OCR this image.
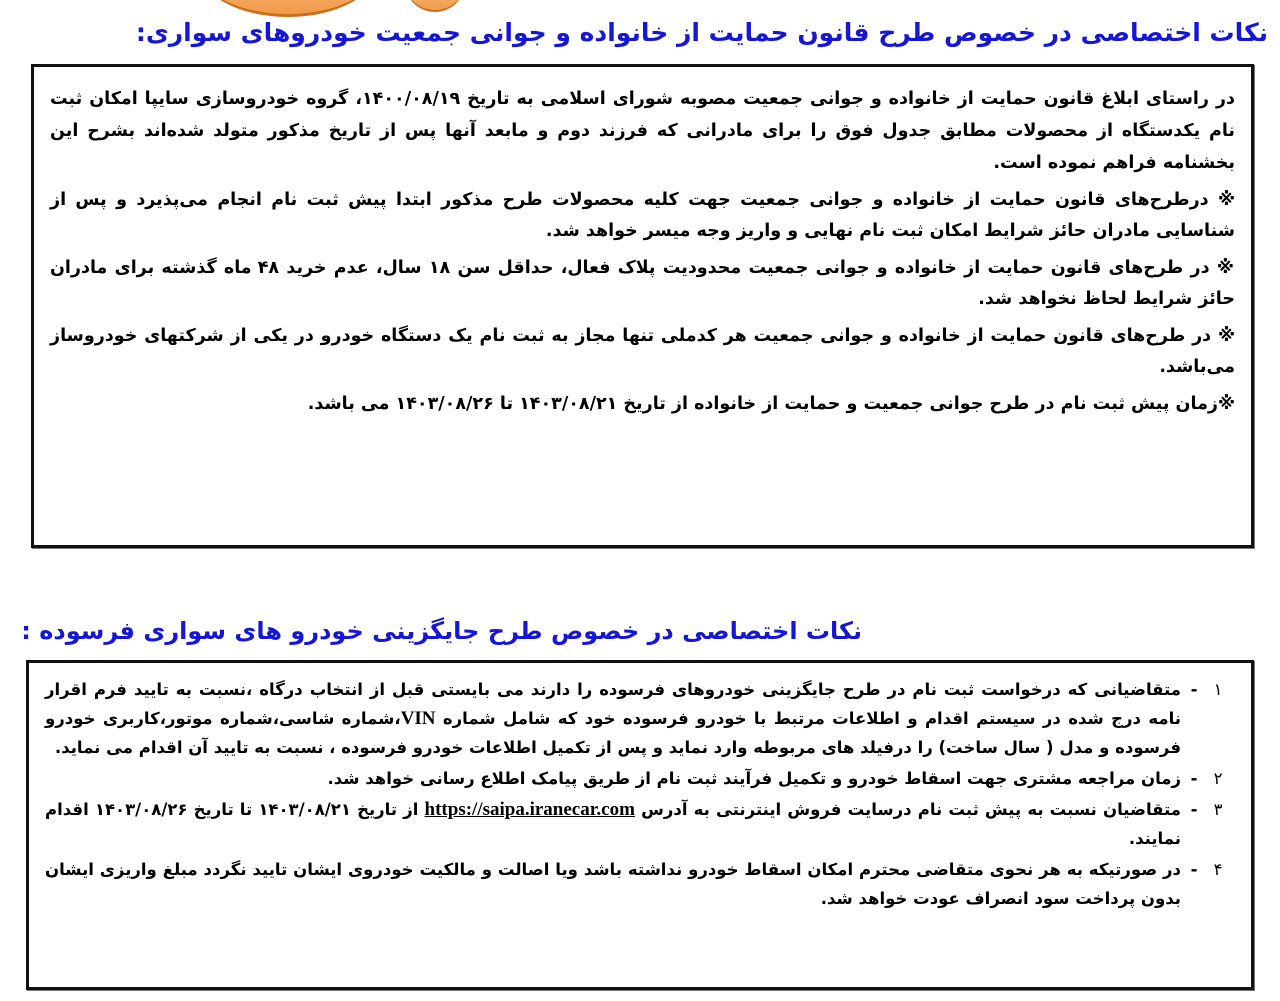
نکات اختصاصی در خصوص طرح قانون حمایت از خانواده و جوانی جمعیت خودروهای سواری:

در راستای ابلاغ قانون حمایت از خانواده و جوانی جمعیت مصوبه شورای اسلامی به تاریخ ۱۴۰۰/۰۸/۱۹، گروه خودروسازی سایپا امکان ثبت نام یکدستگاه از محصولات مطابق جدول فوق را برای مادرانی که فرزند دوم و مابعد آنها پس از تاریخ مذکور متولد شده‌اند بشرح این بخشنامه فراهم نموده است.

※ درطرح‌های قانون حمایت از خانواده و جوانی جمعیت جهت کلیه محصولات طرح مذکور ابتدا پیش ثبت نام انجام می‌پذیرد و پس از شناسایی مادران حائز شرایط امکان ثبت نام نهایی و واریز وجه میسر خواهد شد.

※ در طرح‌های قانون حمایت از خانواده و جوانی جمعیت محدودیت پلاک فعال، حداقل سن ۱۸ سال، عدم خرید ۴۸ ماه گذشته برای مادران حائز شرایط لحاظ نخواهد شد.

※ در طرح‌های قانون حمایت از خانواده و جوانی جمعیت هر کدملی تنها مجاز به ثبت نام یک دستگاه خودرو در یکی از شرکتهای خودروساز می‌باشد.

※زمان پیش ثبت نام در طرح جوانی جمعیت و حمایت از خانواده از تاریخ ۱۴۰۳/۰۸/۲۱ تا ۱۴۰۳/۰۸/۲۶ می باشد.

نکات اختصاصی در خصوص طرح جایگزینی خودرو های سواری فرسوده :
۱
-
متقاضیانی که درخواست ثبت نام در طرح جایگزینی خودروهای فرسوده را دارند می بایستی قبل از انتخاب درگاه ،نسبت به تایید فرم اقرار نامه درج شده در سیستم اقدام و اطلاعات مرتبط با خودرو فرسوده خود که شامل شماره VIN،شماره شاسی،شماره موتور،کاربری خودرو فرسوده و مدل ( سال ساخت) را درفیلد های مربوطه وارد نماید و پس از تکمیل اطلاعات خودرو فرسوده ، نسبت به تایید آن اقدام می نماید.
۲
-
زمان مراجعه مشتری جهت اسقاط خودرو و تکمیل فرآیند ثبت نام از طریق پیامک اطلاع رسانی خواهد شد.
۳
-
متقاضیان نسبت به پیش ثبت نام درسایت فروش اینترنتی به آدرس https://saipa.iranecar.com از تاریخ ۱۴۰۳/۰۸/۲۱ تا تاریخ ۱۴۰۳/۰۸/۲۶ اقدام نمایند.
۴
-
در صورتیکه به هر نحوی متقاضی محترم امکان اسقاط خودرو نداشته باشد ویا اصالت و مالکیت خودروی ایشان تایید نگردد مبلغ واریزی ایشان بدون پرداخت سود انصراف عودت خواهد شد.
